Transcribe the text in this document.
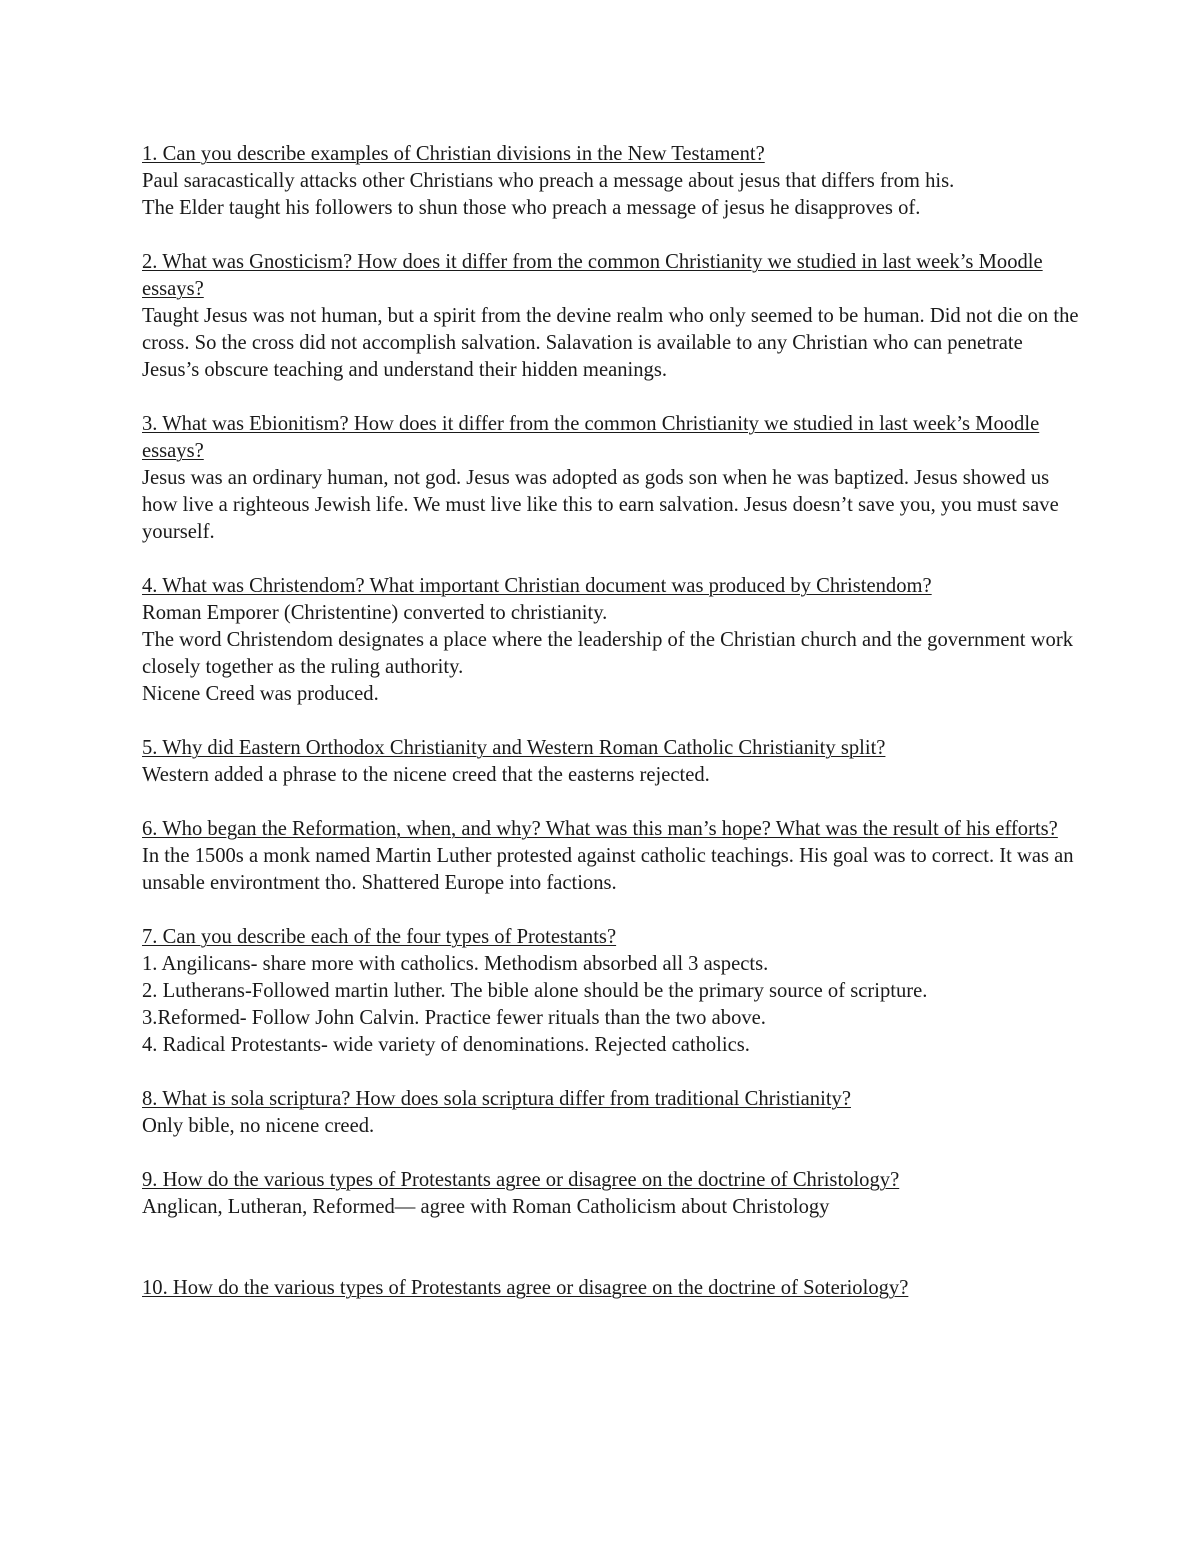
1. Can you describe examples of Christian divisions in the New Testament?
Paul saracastically attacks other Christians who preach a message about jesus that differs from his.
The Elder taught his followers to shun those who preach a message of jesus he disapproves of.
2. What was Gnosticism? How does it differ from the common Christianity we studied in last week’s Moodle essays?
Taught Jesus was not human, but a spirit from the devine realm who only seemed to be human. Did not die on the cross. So the cross did not accomplish salvation. Salavation is available to any Christian who can penetrate Jesus’s obscure teaching and understand their hidden meanings.
3. What was Ebionitism? How does it differ from the common Christianity we studied in last week’s Moodle essays?
Jesus was an ordinary human, not god. Jesus was adopted as gods son when he was baptized. Jesus showed us how live a righteous Jewish life. We must live like this to earn salvation. Jesus doesn’t save you, you must save yourself.
4. What was Christendom? What important Christian document was produced by Christendom?
Roman Emporer (Christentine) converted to christianity.
The word Christendom designates a place where the leadership of the Christian church and the government work closely together as the ruling authority.
Nicene Creed was produced.
5. Why did Eastern Orthodox Christianity and Western Roman Catholic Christianity split?
Western added a phrase to the nicene creed that the easterns rejected.
6. Who began the Reformation, when, and why? What was this man’s hope? What was the result of his efforts?
In the 1500s a monk named Martin Luther protested against catholic teachings. His goal was to correct. It was an unsable environtment tho. Shattered Europe into factions.
7. Can you describe each of the four types of Protestants?
1. Angilicans- share more with catholics. Methodism absorbed all 3 aspects.
2. Lutherans-Followed martin luther. The bible alone should be the primary source of scripture.
3.Reformed- Follow John Calvin. Practice fewer rituals than the two above.
4. Radical Protestants- wide variety of denominations. Rejected catholics.
8. What is sola scriptura? How does sola scriptura differ from traditional Christianity?
Only bible, no nicene creed.
9. How do the various types of Protestants agree or disagree on the doctrine of Christology?
Anglican, Lutheran, Reformed— agree with Roman Catholicism about Christology
10. How do the various types of Protestants agree or disagree on the doctrine of Soteriology?
